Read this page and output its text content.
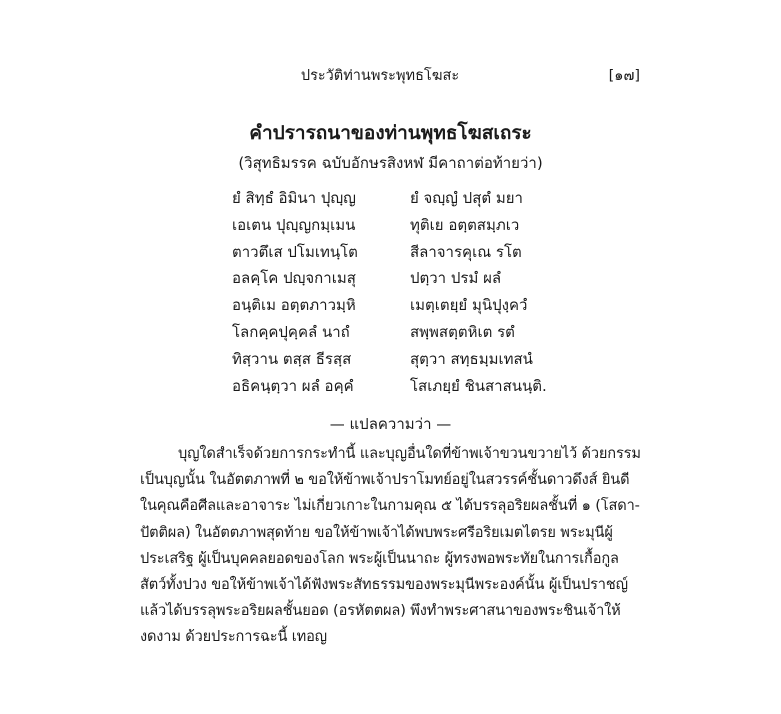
ประวัติท่านพระพุทธโฆสะ	[๑๗]
คำปรารถนาของท่านพุทธโฆสเถระ
(วิสุทธิมรรค ฉบับอักษรสิงหฬ มีคาถาต่อท้ายว่า)
ยํ สิทฺธํ อิมินา ปุญฺญ	ยํ จญฺญํ ปสุตํ มยา
เอเตน ปุญฺญกมฺเมน	ทุติเย อตฺตสมฺภเว
ตาวตึเส ปโมเทนฺโต	สีลาจารคุเณ รโต
อลคฺโค ปญฺจกาเมสุ	ปตฺวา ปรมํ ผลํ
อนฺติเม อตฺตภาวมฺหิ	เมตฺเตยฺยํ มุนิปุงฺควํ
โลกคฺคปุคฺคลํ นาถํ	สพฺพสตฺตหิเต รตํ
ทิสฺวาน ตสฺส ธีรสฺส	สุตฺวา สทฺธมฺมเทสนํ
อธิคนฺตฺวา ผลํ อคฺคํ	โสเภยฺยํ ชินสาสนนฺติ.
— แปลความว่า —
บุญใดสำเร็จด้วยการกระทำนี้ และบุญอื่นใดที่ข้าพเจ้าขวนขวายไว้ ด้วยกรรม
เป็นบุญนั้น ในอัตตภาพที่ ๒ ขอให้ข้าพเจ้าปราโมทย์อยู่ในสวรรค์ชั้นดาวดึงส์ ยินดี
ในคุณคือศีลและอาจาระ ไม่เกี่ยวเกาะในกามคุณ ๕ ได้บรรลุอริยผลชั้นที่ ๑ (โสดา-
ปัตติผล) ในอัตตภาพสุดท้าย ขอให้ข้าพเจ้าได้พบพระศรีอริยเมตไตรย พระมุนีผู้
ประเสริฐ ผู้เป็นบุคคลยอดของโลก พระผู้เป็นนาถะ ผู้ทรงพอพระทัยในการเกื้อกูล
สัตว์ทั้งปวง ขอให้ข้าพเจ้าได้ฟังพระสัทธรรมของพระมุนีพระองค์นั้น ผู้เป็นปราชญ์
แล้วได้บรรลุพระอริยผลชั้นยอด (อรหัตตผล) พึงทำพระศาสนาของพระชินเจ้าให้
งดงาม ด้วยประการฉะนี้ เทอญ
